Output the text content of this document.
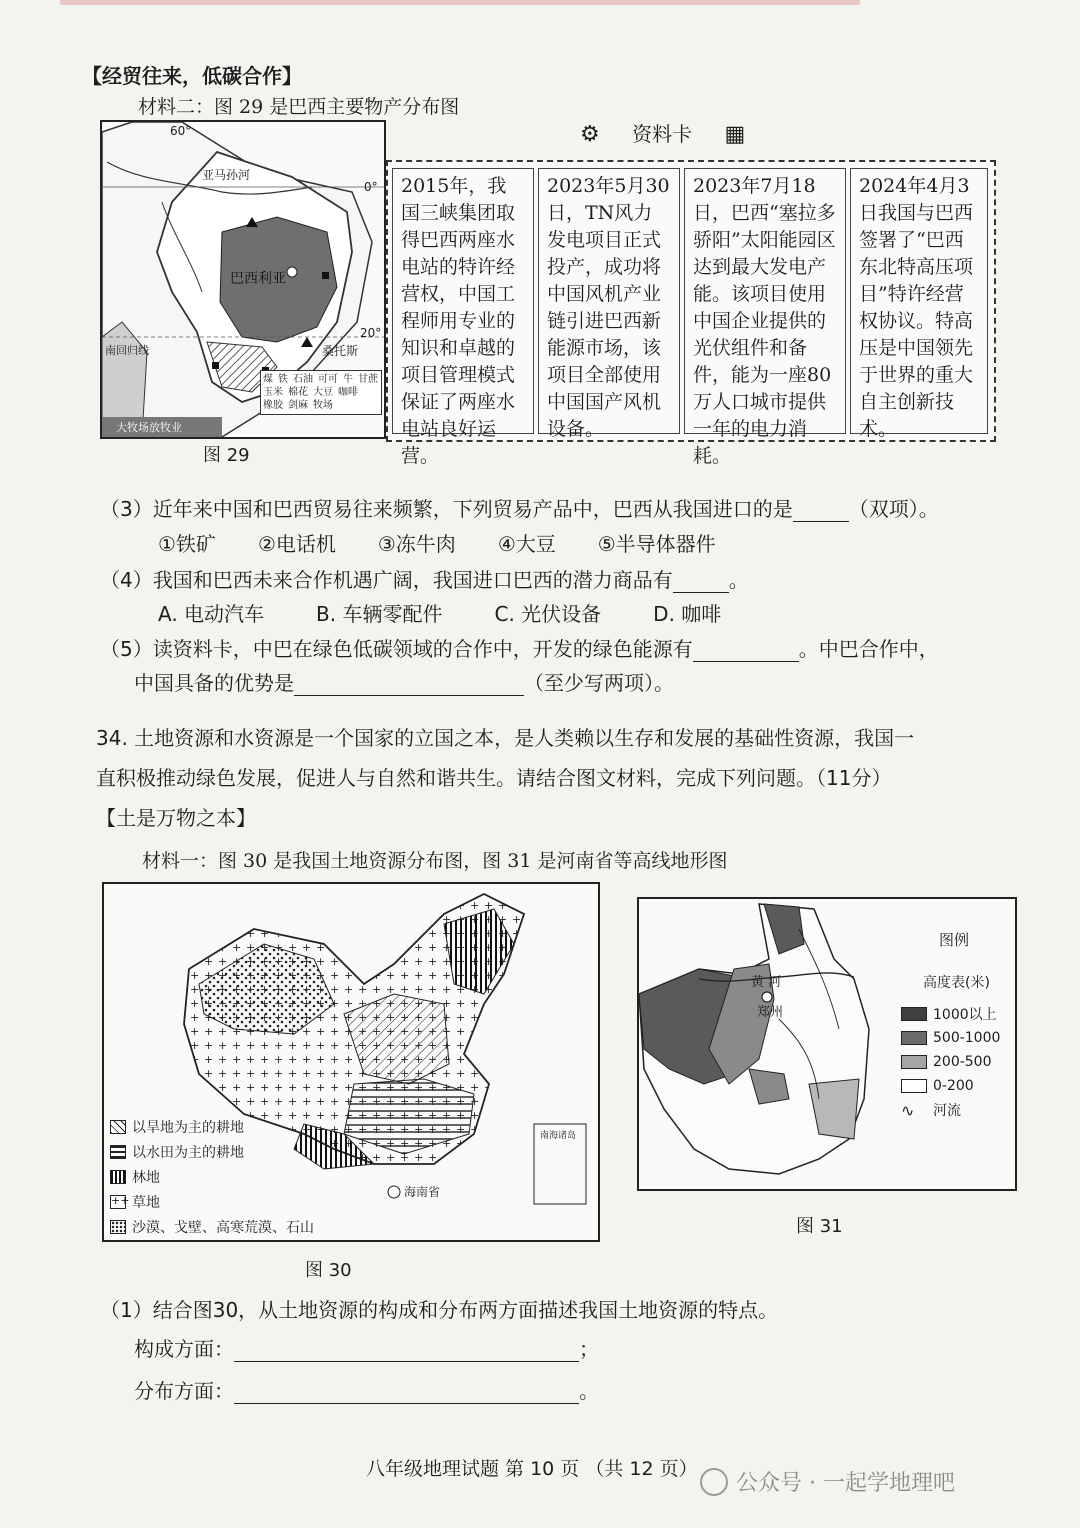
【经贸往来，低碳合作】
材料二：图 29 是巴西主要物产分布图
60°
0°
20°
亚马孙河
巴西利亚
南回归线	桑托斯
煤 铁 石油 可可 牛 甘蔗
玉米 棉花 大豆 咖啡
橡胶 剑麻 牧场
大牧场放牧业
图 29
⚙ 资料卡 ▦
2015年，我国三峡集团取得巴西两座水电站的特许经营权，中国工程师用专业的知识和卓越的项目管理模式保证了两座水电站良好运营。
2023年5月30日，TN风力发电项目正式投产，成功将中国风机产业链引进巴西新能源市场，该项目全部使用中国国产风机设备。
2023年7月18日，巴西“塞拉多骄阳”太阳能园区达到最大发电产能。该项目使用中国企业提供的光伏组件和备件，能为一座80万人口城市提供一年的电力消耗。
2024年4月3日我国与巴西签署了“巴西东北特高压项目”特许经营权协议。特高压是中国领先于世界的重大自主创新技术。
（3）近年来中国和巴西贸易往来频繁，下列贸易产品中，巴西从我国进口的是	（双项）。
①铁矿 ②电话机 ③冻牛肉 ④大豆 ⑤半导体器件
（4）我国和巴西未来合作机遇广阔，我国进口巴西的潜力商品有	。
A. 电动汽车	B. 车辆零配件	C. 光伏设备	D. 咖啡
（5）读资料卡，中巴在绿色低碳领域的合作中，开发的绿色能源有	。中巴合作中，
中国具备的优势是	（至少写两项）。
34. 土地资源和水资源是一个国家的立国之本，是人类赖以生存和发展的基础性资源，我国一
直积极推动绿色发展，促进人与自然和谐共生。请结合图文材料，完成下列问题。（11分）
【土是万物之本】
材料一：图 30 是我国土地资源分布图，图 31 是河南省等高线地形图
以旱地为主的耕地
以水田为主的耕地
林地
++ 草地
沙漠、戈壁、高寒荒漠、石山
海南省
南海诸岛
图 30
黄 河
郑州
图例
高度表(米)
1000以上
500-1000
200-500
0-200
∿	河流
图 31
（1）结合图30，从土地资源的构成和分布两方面描述我国土地资源的特点。
构成方面：	；
分布方面：	。
八年级地理试题 第 10 页 （共 12 页）
公众号 · 一起学地理吧
